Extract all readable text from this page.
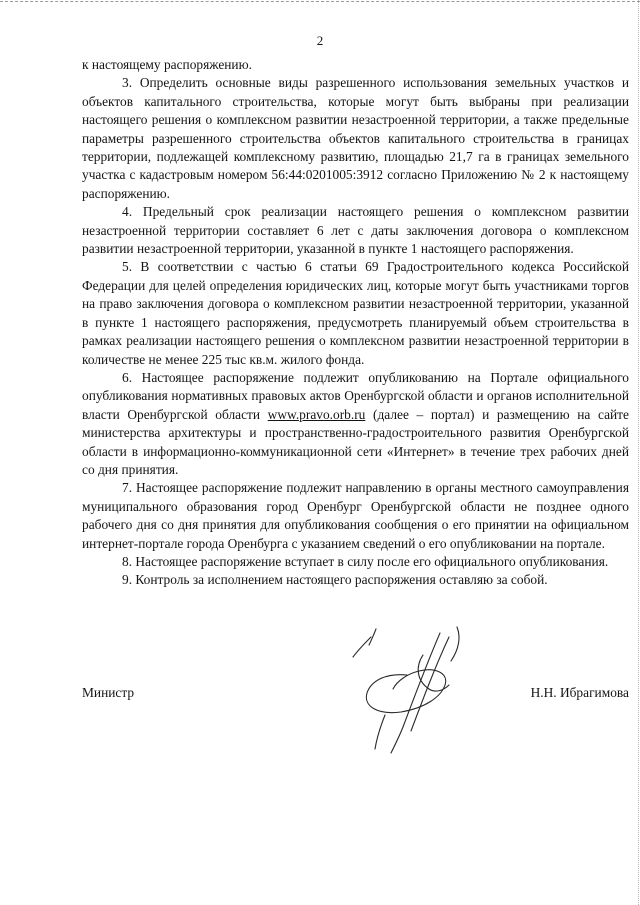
2

к настоящему распоряжению.

3. Определить основные виды разрешенного использования земельных участков и объектов капитального строительства, которые могут быть выбраны при реализации настоящего решения о комплексном развитии незастроенной территории, а также предельные параметры разрешенного строительства объектов капитального строительства в границах территории, подлежащей комплексному развитию, площадью 21,7 га в границах земельного участка с кадастровым номером 56:44:0201005:3912 согласно Приложению № 2 к настоящему распоряжению.

4. Предельный срок реализации настоящего решения о комплексном развитии незастроенной территории составляет 6 лет с даты заключения договора о комплексном развитии незастроенной территории, указанной в пункте 1 настоящего распоряжения.

5. В соответствии с частью 6 статьи 69 Градостроительного кодекса Российской Федерации для целей определения юридических лиц, которые могут быть участниками торгов на право заключения договора о комплексном развитии незастроенной территории, указанной в пункте 1 настоящего распоряжения, предусмотреть планируемый объем строительства в рамках реализации настоящего решения о комплексном развитии незастроенной территории в количестве не менее 225 тыс кв.м. жилого фонда.

6. Настоящее распоряжение подлежит опубликованию на Портале официального опубликования нормативных правовых актов Оренбургской области и органов исполнительной власти Оренбургской области www.pravo.orb.ru (далее – портал) и размещению на сайте министерства архитектуры и пространственно-градостроительного развития Оренбургской области в информационно-коммуникационной сети «Интернет» в течение трех рабочих дней со дня принятия.

7. Настоящее распоряжение подлежит направлению в органы местного самоуправления муниципального образования город Оренбург Оренбургской области не позднее одного рабочего дня со дня принятия для опубликования сообщения о его принятии на официальном интернет-портале города Оренбурга с указанием сведений о его опубликовании на портале.

8. Настоящее распоряжение вступает в силу после его официального опубликования.

9. Контроль за исполнением настоящего распоряжения оставляю за собой.

Министр	Н.Н. Ибрагимова
